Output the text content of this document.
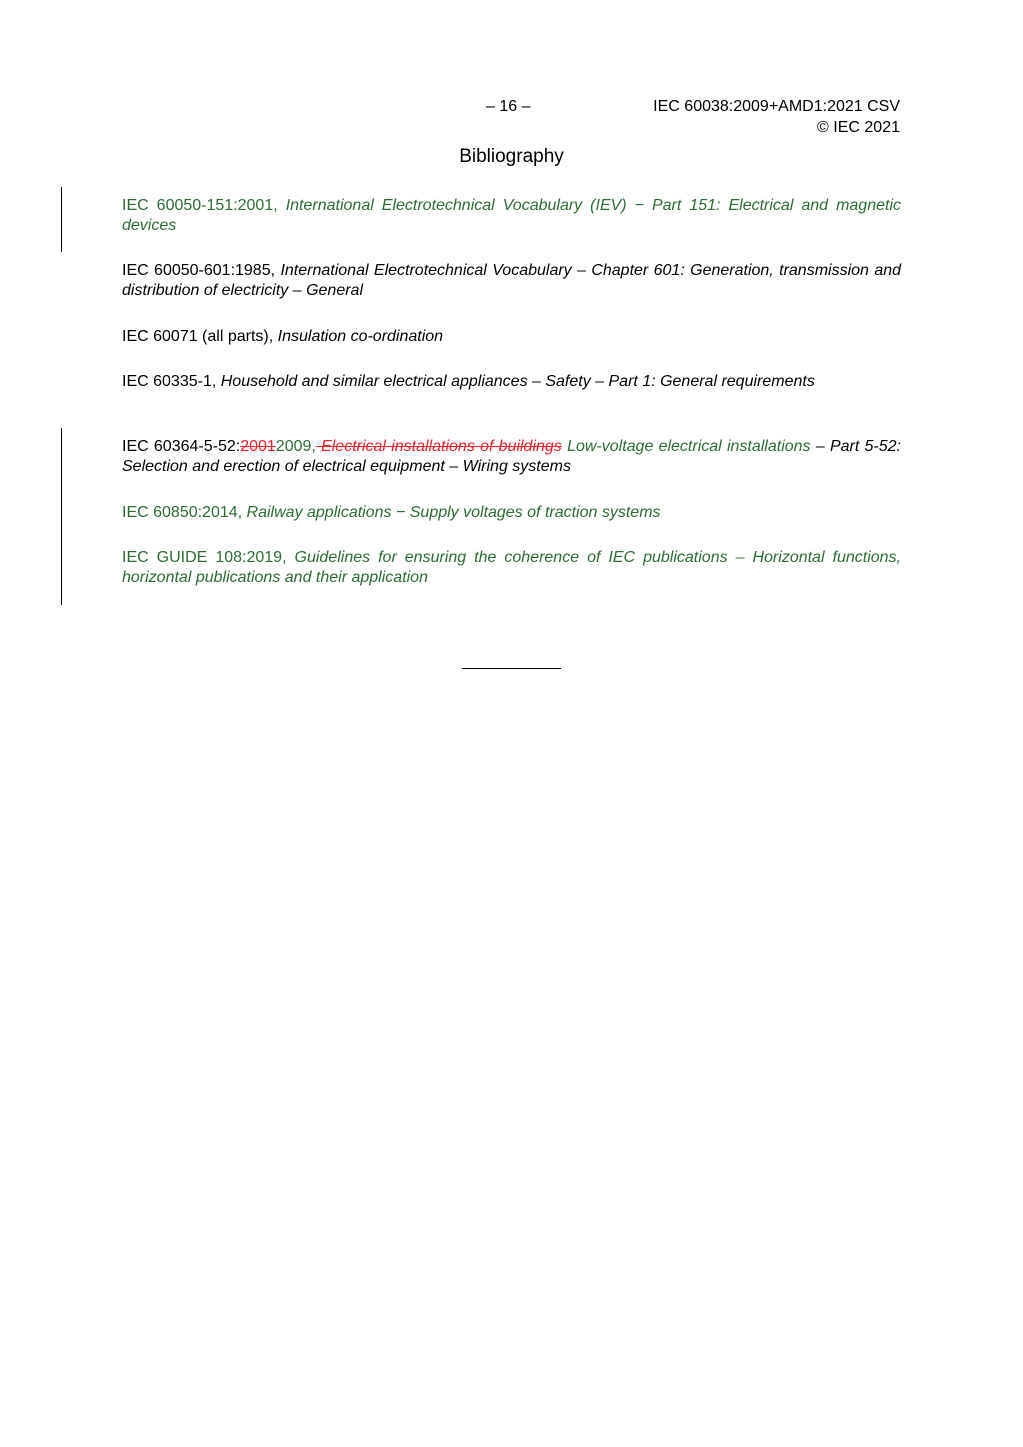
– 16 –	IEC 60038:2009+AMD1:2021 CSV
© IEC 2021
Bibliography
IEC 60050-151:2001, International Electrotechnical Vocabulary (IEV) − Part 151: Electrical and magnetic devices
IEC 60050-601:1985, International Electrotechnical Vocabulary – Chapter 601: Generation, transmission and distribution of electricity – General
IEC 60071 (all parts), Insulation co-ordination
IEC 60335-1, Household and similar electrical appliances – Safety – Part 1: General requirements
IEC 60364-5-52:20012009, Electrical installations of buildings Low-voltage electrical installations – Part 5-52: Selection and erection of electrical equipment – Wiring systems
IEC 60850:2014, Railway applications − Supply voltages of traction systems
IEC GUIDE 108:2019, Guidelines for ensuring the coherence of IEC publications – Horizontal functions, horizontal publications and their application
